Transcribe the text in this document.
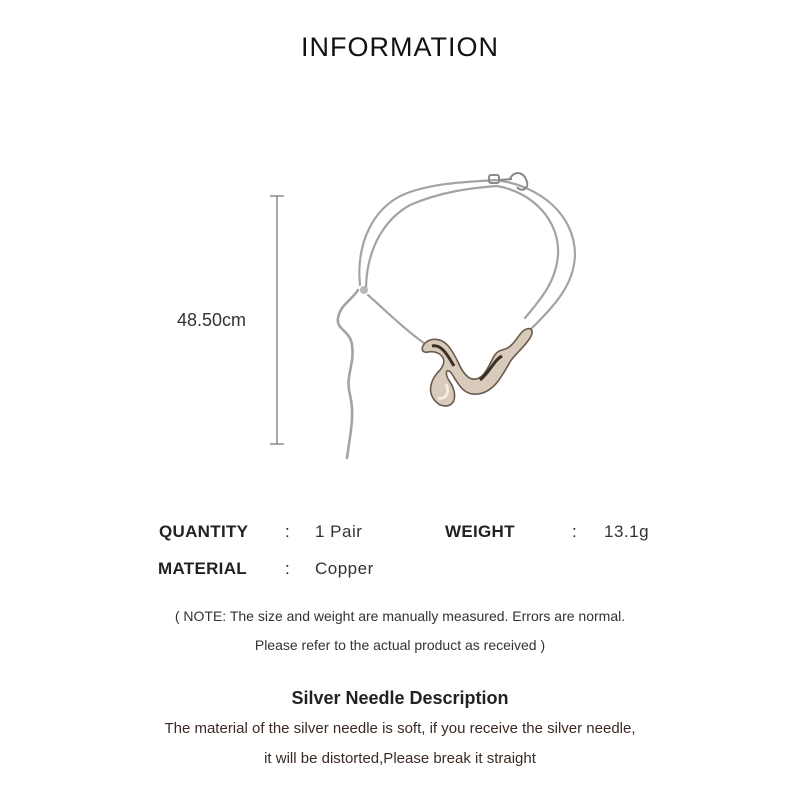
INFORMATION
48.50cm
QUANTITY : 1 Pair	WEIGHT	: 13.1g
MATERIAL : Copper
( NOTE: The size and weight are manually measured. Errors are normal.
Please refer to the actual product as received )
Silver Needle Description
The material of the silver needle is soft, if you receive the silver needle,
it will be distorted,Please break it straight
